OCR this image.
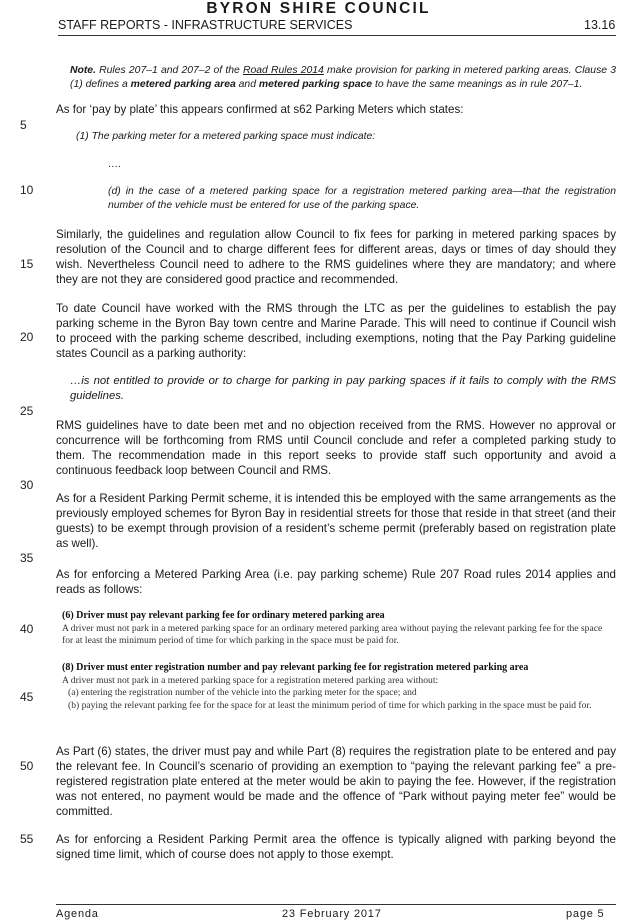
BYRON SHIRE COUNCIL
STAFF REPORTS - INFRASTRUCTURE SERVICES	13.16
5
10
15
20
25
30
35
40
45
50
55
Note. Rules 207–1 and 207–2 of the Road Rules 2014 make provision for parking in metered parking areas. Clause 3 (1) defines a metered parking area and metered parking space to have the same meanings as in rule 207–1.
As for ‘pay by plate’ this appears confirmed at s62 Parking Meters which states:
(1) The parking meter for a metered parking space must indicate:
….
(d) in the case of a metered parking space for a registration metered parking area—that the registration number of the vehicle must be entered for use of the parking space.
Similarly, the guidelines and regulation allow Council to fix fees for parking in metered parking spaces by resolution of the Council and to charge different fees for different areas, days or times of day should they wish. Nevertheless Council need to adhere to the RMS guidelines where they are mandatory; and where they are not they are considered good practice and recommended.
To date Council have worked with the RMS through the LTC as per the guidelines to establish the pay parking scheme in the Byron Bay town centre and Marine Parade. This will need to continue if Council wish to proceed with the parking scheme described, including exemptions, noting that the Pay Parking guideline states Council as a parking authority:
…is not entitled to provide or to charge for parking in pay parking spaces if it fails to comply with the RMS guidelines.
RMS guidelines have to date been met and no objection received from the RMS. However no approval or concurrence will be forthcoming from RMS until Council conclude and refer a completed parking study to them. The recommendation made in this report seeks to provide staff such opportunity and avoid a continuous feedback loop between Council and RMS.
As for a Resident Parking Permit scheme, it is intended this be employed with the same arrangements as the previously employed schemes for Byron Bay in residential streets for those that reside in that street (and their guests) to be exempt through provision of a resident’s scheme permit (preferably based on registration plate as well).
As for enforcing a Metered Parking Area (i.e. pay parking scheme) Rule 207 Road rules 2014 applies and reads as follows:
(6) Driver must pay relevant parking fee for ordinary metered parking area
A driver must not park in a metered parking space for an ordinary metered parking area without paying the relevant parking fee for the space for at least the minimum period of time for which parking in the space must be paid for.
(8) Driver must enter registration number and pay relevant parking fee for registration metered parking area
A driver must not park in a metered parking space for a registration metered parking area without:
(a) entering the registration number of the vehicle into the parking meter for the space; and
(b) paying the relevant parking fee for the space for at least the minimum period of time for which parking in the space must be paid for.
As Part (6) states, the driver must pay and while Part (8) requires the registration plate to be entered and pay the relevant fee. In Council’s scenario of providing an exemption to “paying the relevant parking fee” a pre-registered registration plate entered at the meter would be akin to paying the fee. However, if the registration was not entered, no payment would be made and the offence of “Park without paying meter fee” would be committed.
As for enforcing a Resident Parking Permit area the offence is typically aligned with parking beyond the signed time limit, which of course does not apply to those exempt.
Agenda	23 February 2017	page 5
